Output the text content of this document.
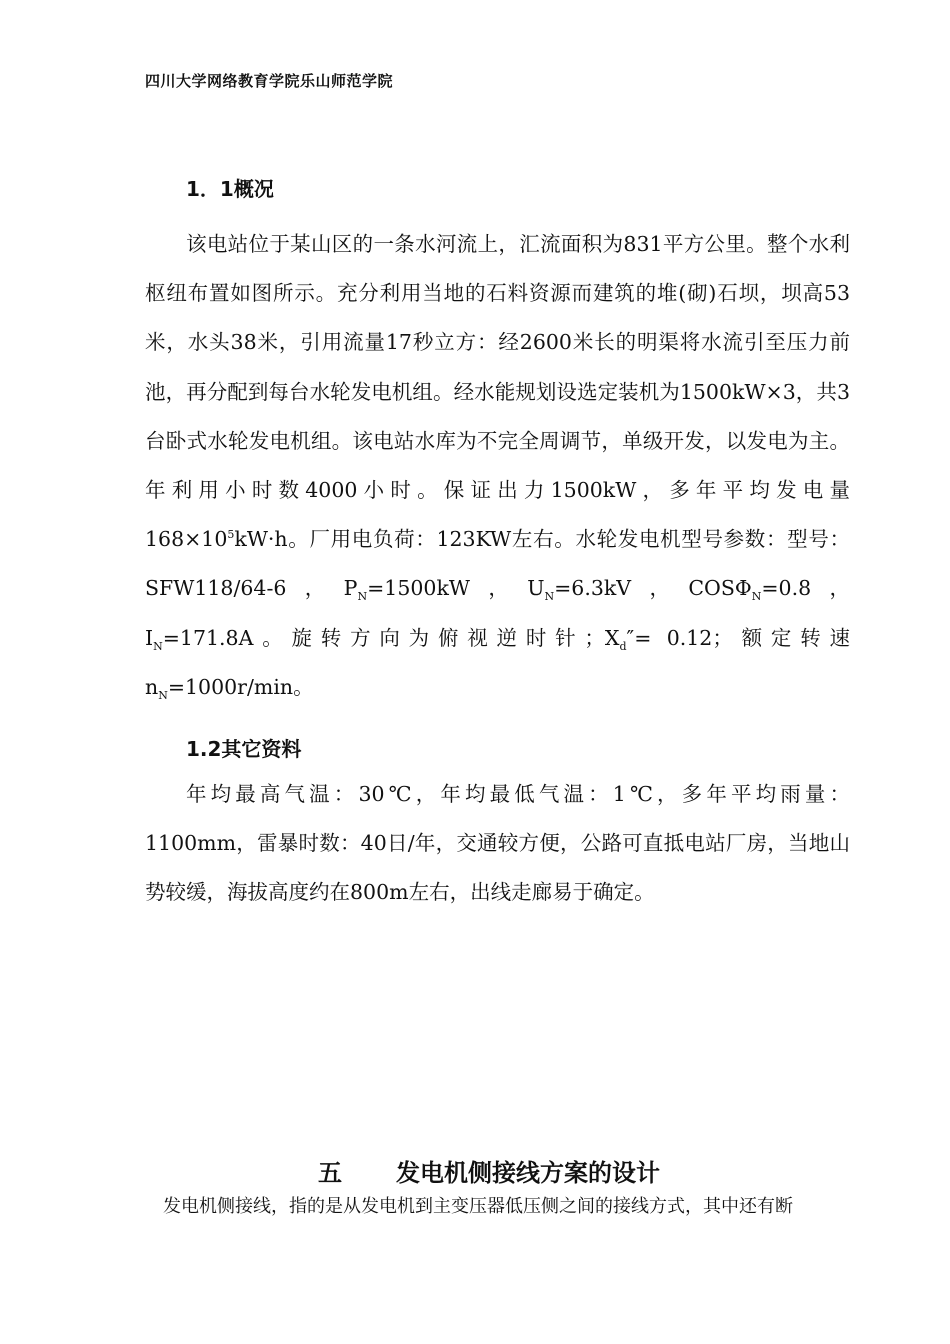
四川大学网络教育学院乐山师范学院
1．1概况

该电站位于某山区的一条水河流上，汇流面积为831平方公里。整个水利枢纽布置如图所示。充分利用当地的石料资源而建筑的堆(砌)石坝，坝高53米，水头38米，引用流量17秒立方：经2600米长的明渠将水流引至压力前池，再分配到每台水轮发电机组。经水能规划设选定装机为1500kW×3，共3台卧式水轮发电机组。该电站水库为不完全周调节，单级开发，以发电为主。年利用小时数4000小时。保证出力1500kW，多年平均发电量$168\times 10^5kW\cdot h$。厂用电负荷：123KW左右。水轮发电机型号参数：型号：SFW118/64-6，$P_N=1500kW$，$U_N=6.3kV$，$COS\Phi_N=0.8$，$I_N=171.8A$。旋转方向为俯视逆时针；$X_d''= 0.12$；额定转速$n_N=1000r/\min$。

1.2其它资料

年均最高气温：30℃，年均最低气温：1℃，多年平均雨量：1100mm，雷暴时数：40日/年，交通较方便，公路可直抵电站厂房，当地山势较缓，海拔高度约在800m左右，出线走廊易于确定。

五 发电机侧接线方案的设计
发电机侧接线，指的是从发电机到主变压器低压侧之间的接线方式，其中还有断
